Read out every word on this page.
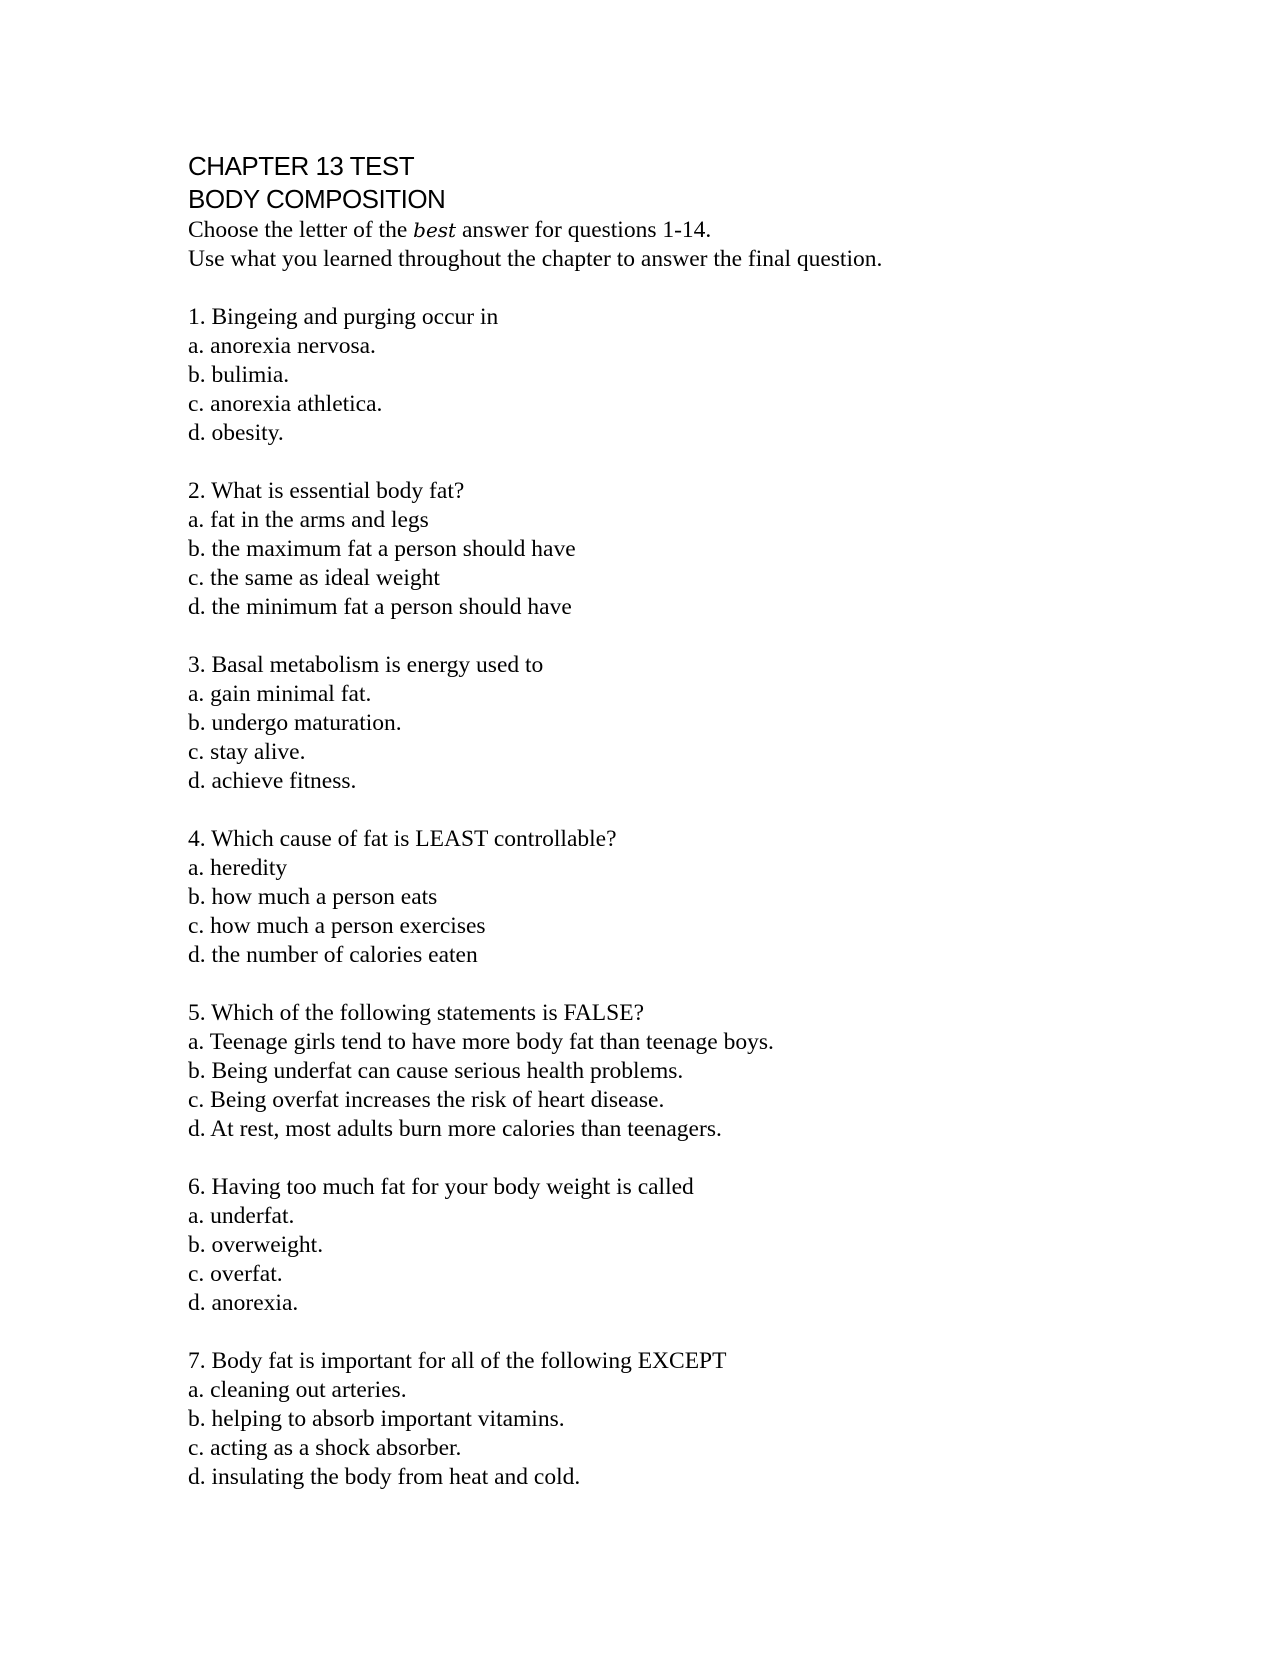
CHAPTER 13 TEST
BODY COMPOSITION

Choose the letter of the best answer for questions 1-14.

Use what you learned throughout the chapter to answer the final question.

1. Bingeing and purging occur in

a. anorexia nervosa.

b. bulimia.

c. anorexia athletica.

d. obesity.

2. What is essential body fat?

a. fat in the arms and legs

b. the maximum fat a person should have

c. the same as ideal weight

d. the minimum fat a person should have

3. Basal metabolism is energy used to

a. gain minimal fat.

b. undergo maturation.

c. stay alive.

d. achieve fitness.

4. Which cause of fat is LEAST controllable?

a. heredity

b. how much a person eats

c. how much a person exercises

d. the number of calories eaten

5. Which of the following statements is FALSE?

a. Teenage girls tend to have more body fat than teenage boys.

b. Being underfat can cause serious health problems.

c. Being overfat increases the risk of heart disease.

d. At rest, most adults burn more calories than teenagers.

6. Having too much fat for your body weight is called

a. underfat.

b. overweight.

c. overfat.

d. anorexia.

7. Body fat is important for all of the following EXCEPT

a. cleaning out arteries.

b. helping to absorb important vitamins.

c. acting as a shock absorber.

d. insulating the body from heat and cold.
